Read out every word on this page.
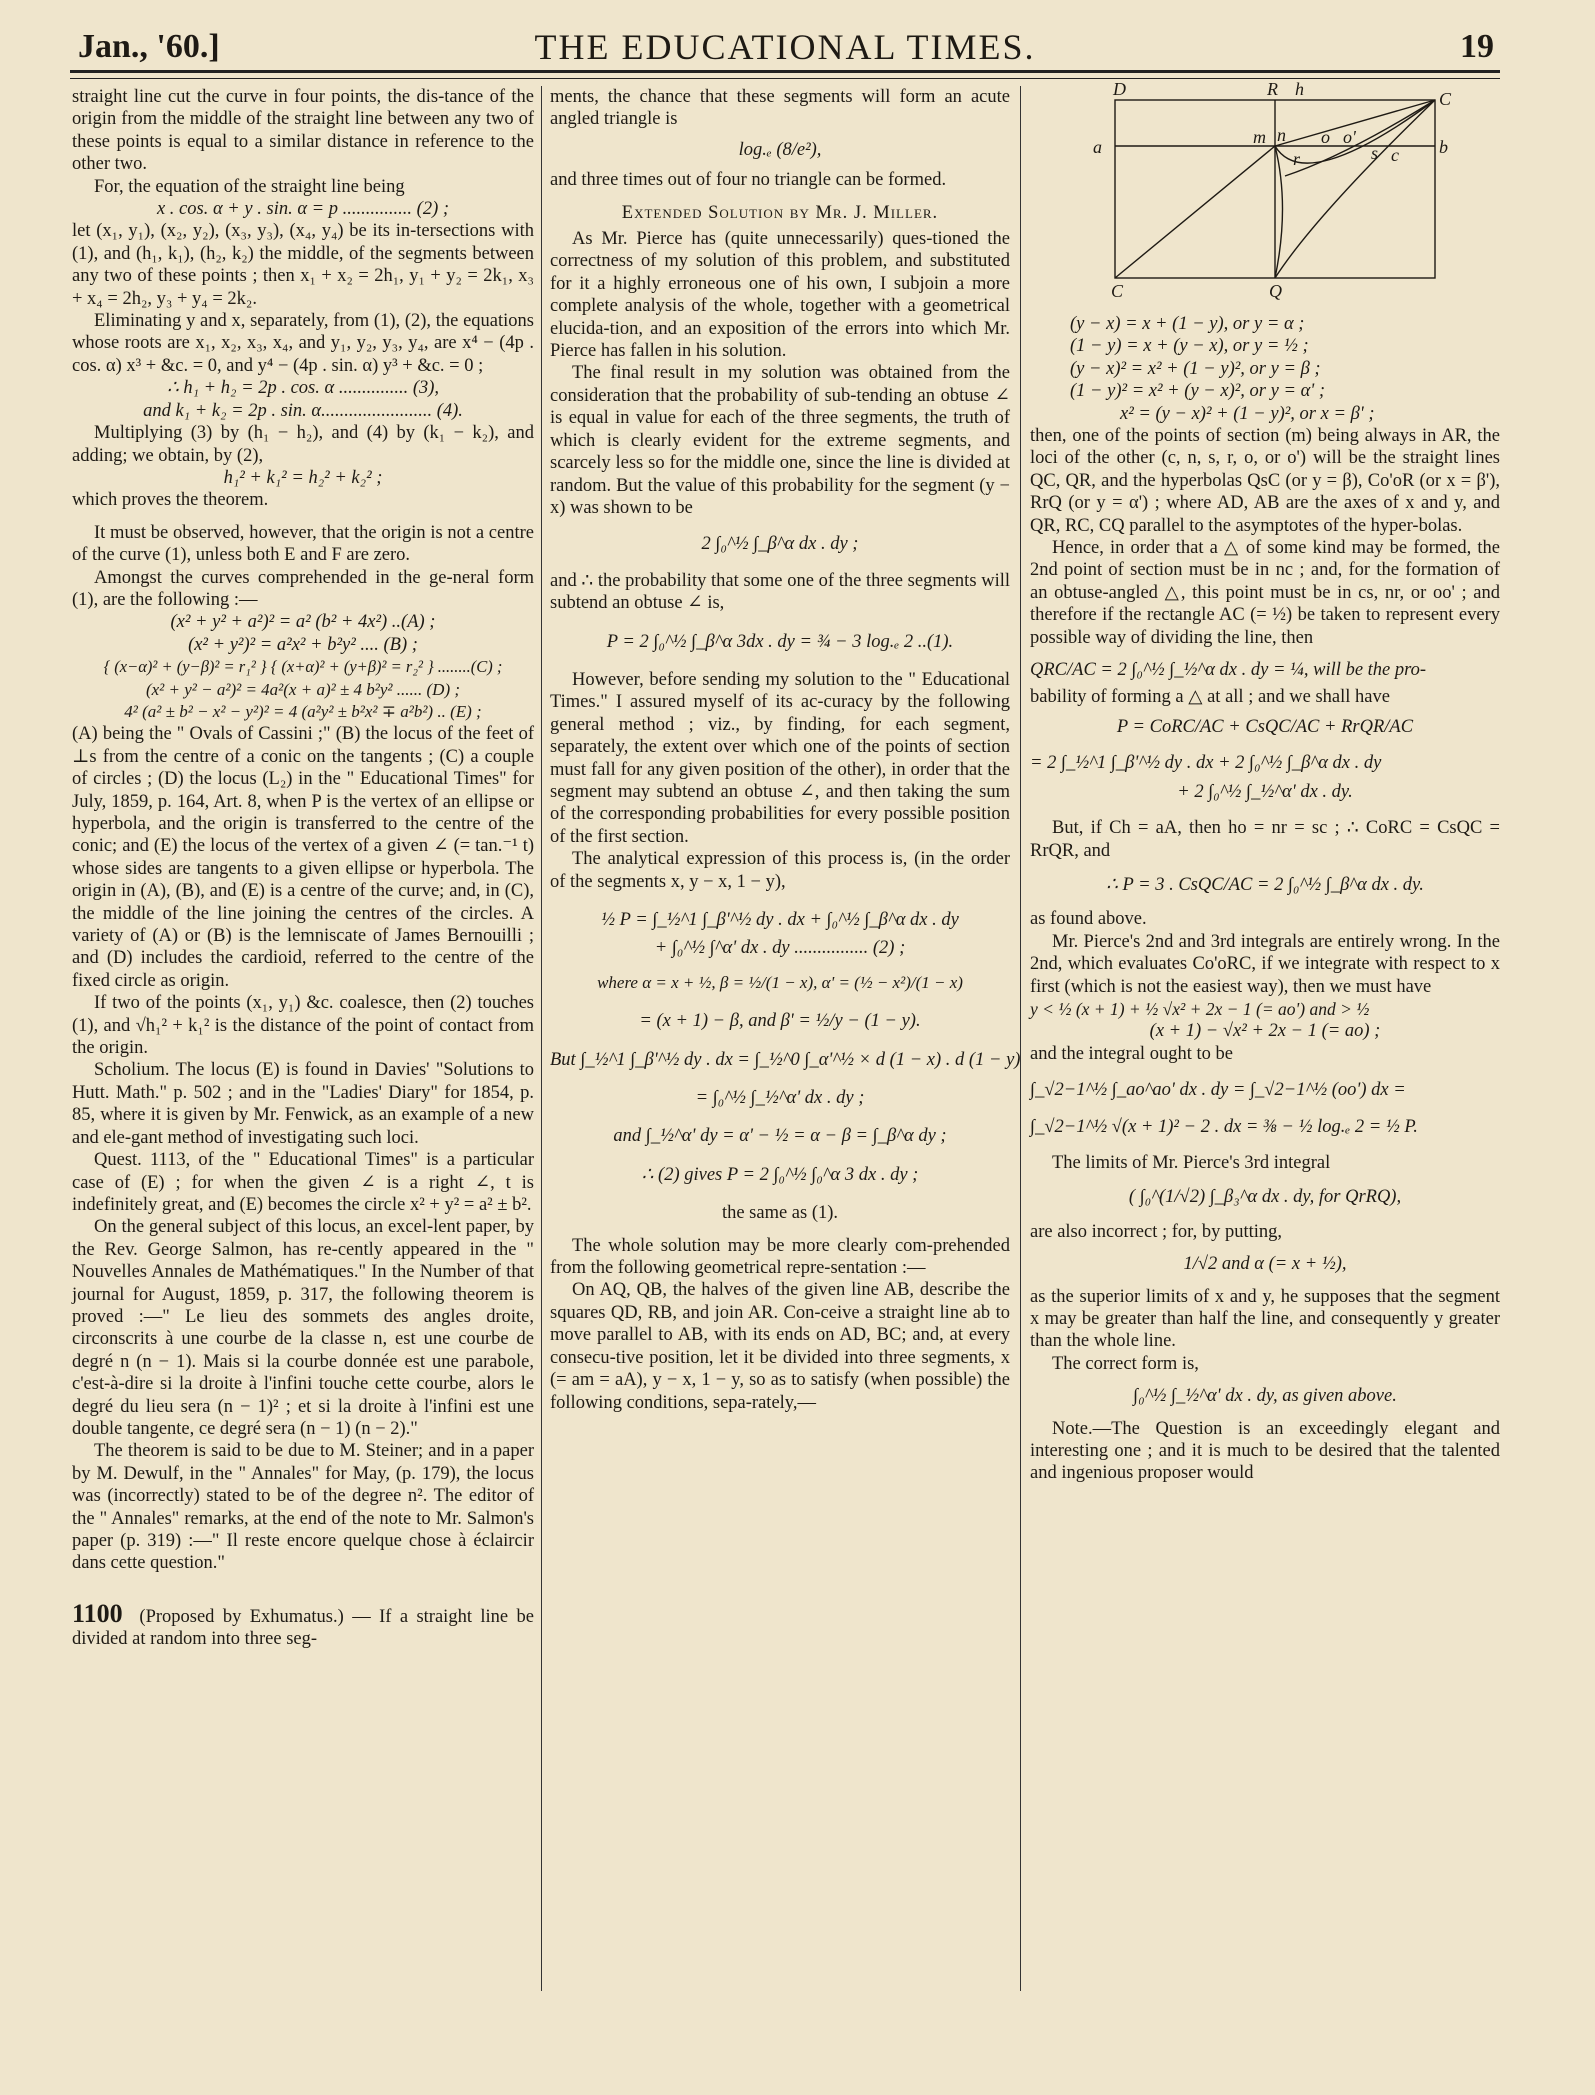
Jan., '60.]	THE EDUCATIONAL TIMES.	19

straight line cut the curve in four points, the dis-tance of the origin from the middle of the straight line between any two of these points is equal to a similar distance in reference to the other two.

For, the equation of the straight line being

x . cos. α + y . sin. α = p ............... (2) ;

let (x₁, y₁), (x₂, y₂), (x₃, y₃), (x₄, y₄) be its in-tersections with (1), and (h₁, k₁), (h₂, k₂) the middle, of the segments between any two of these points ; then x₁ + x₂ = 2h₁, y₁ + y₂ = 2k₁, x₃ + x₄ = 2h₂, y₃ + y₄ = 2k₂.

Eliminating y and x, separately, from (1), (2), the equations whose roots are x₁, x₂, x₃, x₄, and y₁, y₂, y₃, y₄, are x⁴ − (4p . cos. α) x³ + &c. = 0, and y⁴ − (4p . sin. α) y³ + &c. = 0 ;

∴ h₁ + h₂ = 2p . cos. α ............... (3),

and k₁ + k₂ = 2p . sin. α........................ (4).

Multiplying (3) by (h₁ − h₂), and (4) by (k₁ − k₂), and adding; we obtain, by (2),

h₁² + k₁² = h₂² + k₂² ;

which proves the theorem.

It must be observed, however, that the origin is not a centre of the curve (1), unless both E and F are zero.

Amongst the curves comprehended in the ge-neral form (1), are the following :—

(x² + y² + a²)² = a² (b² + 4x²) ..(A) ;

(x² + y²)² = a²x² + b²y² .... (B) ;

{ (x−α)² + (y−β)² = r₁² } { (x+α)² + (y+β)² = r₂² } ........(C) ;

(x² + y² − a²)² = 4a²(x + a)² ± 4 b²y² ...... (D) ;

4² (a² ± b² − x² − y²)² = 4 (a²y² ± b²x² ∓ a²b²) .. (E) ;

(A) being the " Ovals of Cassini ;" (B) the locus of the feet of ⊥s from the centre of a conic on the tangents ; (C) a couple of circles ; (D) the locus (L₂) in the " Educational Times" for July, 1859, p. 164, Art. 8, when P is the vertex of an ellipse or hyperbola, and the origin is transferred to the centre of the conic; and (E) the locus of the vertex of a given ∠ (= tan.⁻¹ t) whose sides are tangents to a given ellipse or hyperbola. The origin in (A), (B), and (E) is a centre of the curve; and, in (C), the middle of the line joining the centres of the circles. A variety of (A) or (B) is the lemniscate of James Bernouilli ; and (D) includes the cardioid, referred to the centre of the fixed circle as origin.

If two of the points (x₁, y₁) &c. coalesce, then (2) touches (1), and √h₁² + k₁² is the distance of the point of contact from the origin.

Scholium. The locus (E) is found in Davies' "Solutions to Hutt. Math." p. 502 ; and in the "Ladies' Diary" for 1854, p. 85, where it is given by Mr. Fenwick, as an example of a new and ele-gant method of investigating such loci.

Quest. 1113, of the " Educational Times" is a particular case of (E) ; for when the given ∠ is a right ∠, t is indefinitely great, and (E) becomes the circle x² + y² = a² ± b².

On the general subject of this locus, an excel-lent paper, by the Rev. George Salmon, has re-cently appeared in the " Nouvelles Annales de Mathématiques." In the Number of that journal for August, 1859, p. 317, the following theorem is proved :—" Le lieu des sommets des angles droite, circonscrits à une courbe de la classe n, est une courbe de degré n (n − 1). Mais si la courbe donnée est une parabole, c'est-à-dire si la droite à l'infini touche cette courbe, alors le degré du lieu sera (n − 1)² ; et si la droite à l'infini est une double tangente, ce degré sera (n − 1) (n − 2)."

The theorem is said to be due to M. Steiner; and in a paper by M. Dewulf, in the " Annales" for May, (p. 179), the locus was (incorrectly) stated to be of the degree n². The editor of the " Annales" remarks, at the end of the note to Mr. Salmon's paper (p. 319) :—" Il reste encore quelque chose à éclaircir dans cette question."

1100 (Proposed by Exhumatus.) — If a straight line be divided at random into three seg-

ments, the chance that these segments will form an acute angled triangle is

log.ₑ (8/e²),

and three times out of four no triangle can be formed.

Extended Solution by Mr. J. Miller.

As Mr. Pierce has (quite unnecessarily) ques-tioned the correctness of my solution of this problem, and substituted for it a highly erroneous one of his own, I subjoin a more complete analysis of the whole, together with a geometrical elucida-tion, and an exposition of the errors into which Mr. Pierce has fallen in his solution.

The final result in my solution was obtained from the consideration that the probability of sub-tending an obtuse ∠ is equal in value for each of the three segments, the truth of which is clearly evident for the extreme segments, and scarcely less so for the middle one, since the line is divided at random. But the value of this probability for the segment (y − x) was shown to be

2 ∫₀^½ ∫_β^α dx . dy ;

and ∴ the probability that some one of the three segments will subtend an obtuse ∠ is,

P = 2 ∫₀^½ ∫_β^α 3dx . dy = ¾ − 3 log.ₑ 2 ..(1).

However, before sending my solution to the " Educational Times." I assured myself of its ac-curacy by the following general method ; viz., by finding, for each segment, separately, the extent over which one of the points of section must fall for any given position of the other), in order that the segment may subtend an obtuse ∠, and then taking the sum of the corresponding probabilities for every possible position of the first section.

The analytical expression of this process is, (in the order of the segments x, y − x, 1 − y),

½ P = ∫_½^1 ∫_β'^½ dy . dx + ∫₀^½ ∫_β^α dx . dy

+ ∫₀^½ ∫^α' dx . dy ................ (2) ;

where α = x + ½, β = ½/(1 − x), α' = (½ − x²)/(1 − x)

= (x + 1) − β, and β' = ½/y − (1 − y).

But ∫_½^1 ∫_β'^½ dy . dx = ∫_½^0 ∫_α'^½ × d (1 − x) . d (1 − y)

= ∫₀^½ ∫_½^α' dx . dy ;

and ∫_½^α' dy = α' − ½ = α − β = ∫_β^α dy ;

∴ (2) gives P = 2 ∫₀^½ ∫₀^α 3 dx . dy ;

the same as (1).

The whole solution may be more clearly com-prehended from the following geometrical repre-sentation :—

On AQ, QB, the halves of the given line AB, describe the squares QD, RB, and join AR. Con-ceive a straight line ab to move parallel to AB, with its ends on AD, BC; and, at every consecu-tive position, let it be divided into three segments, x (= am = aA), y − x, 1 − y, so as to satisfy (when possible) the following conditions, sepa-rately,—

D	R h	C
a	m n o o'
r	s c b
C	Q

(y − x) = x + (1 − y), or y = α ;

(1 − y) = x + (y − x), or y = ½ ;

(y − x)² = x² + (1 − y)², or y = β ;

(1 − y)² = x² + (y − x)², or y = α' ;

x² = (y − x)² + (1 − y)², or x = β' ;

then, one of the points of section (m) being always in AR, the loci of the other (c, n, s, r, o, or o') will be the straight lines QC, QR, and the hyperbolas QsC (or y = β), Co'oR (or x = β'), RrQ (or y = α') ; where AD, AB are the axes of x and y, and QR, RC, CQ parallel to the asymptotes of the hyper-bolas.

Hence, in order that a △ of some kind may be formed, the 2nd point of section must be in nc ; and, for the formation of an obtuse-angled △, this point must be in cs, nr, or oo' ; and therefore if the rectangle AC (= ½) be taken to represent every possible way of dividing the line, then

QRC/AC = 2 ∫₀^½ ∫_½^α dx . dy = ¼, will be the pro-

bability of forming a △ at all ; and we shall have

P = CoRC/AC + CsQC/AC + RrQR/AC

= 2 ∫_½^1 ∫_β'^½ dy . dx + 2 ∫₀^½ ∫_β^α dx . dy

+ 2 ∫₀^½ ∫_½^α' dx . dy.

But, if Ch = aA, then ho = nr = sc ; ∴ CoRC = CsQC = RrQR, and

∴ P = 3 . CsQC/AC = 2 ∫₀^½ ∫_β^α dx . dy.

as found above.

Mr. Pierce's 2nd and 3rd integrals are entirely wrong. In the 2nd, which evaluates Co'oRC, if we integrate with respect to x first (which is not the easiest way), then we must have

y < ½ (x + 1) + ½ √x² + 2x − 1 (= ao') and > ½

(x + 1) − √x² + 2x − 1 (= ao) ;

and the integral ought to be

∫_√2−1^½ ∫_ao^ao' dx . dy = ∫_√2−1^½ (oo') dx =

∫_√2−1^½ √(x + 1)² − 2 . dx = ⅜ − ½ log.ₑ 2 = ½ P.

The limits of Mr. Pierce's 3rd integral

( ∫₀^(1/√2) ∫_β₃^α dx . dy, for QrRQ),

are also incorrect ; for, by putting,

1/√2 and α (= x + ½),

as the superior limits of x and y, he supposes that the segment x may be greater than half the line, and consequently y greater than the whole line.

The correct form is,

∫₀^½ ∫_½^α' dx . dy, as given above.

Note.—The Question is an exceedingly elegant and interesting one ; and it is much to be desired that the talented and ingenious proposer would
